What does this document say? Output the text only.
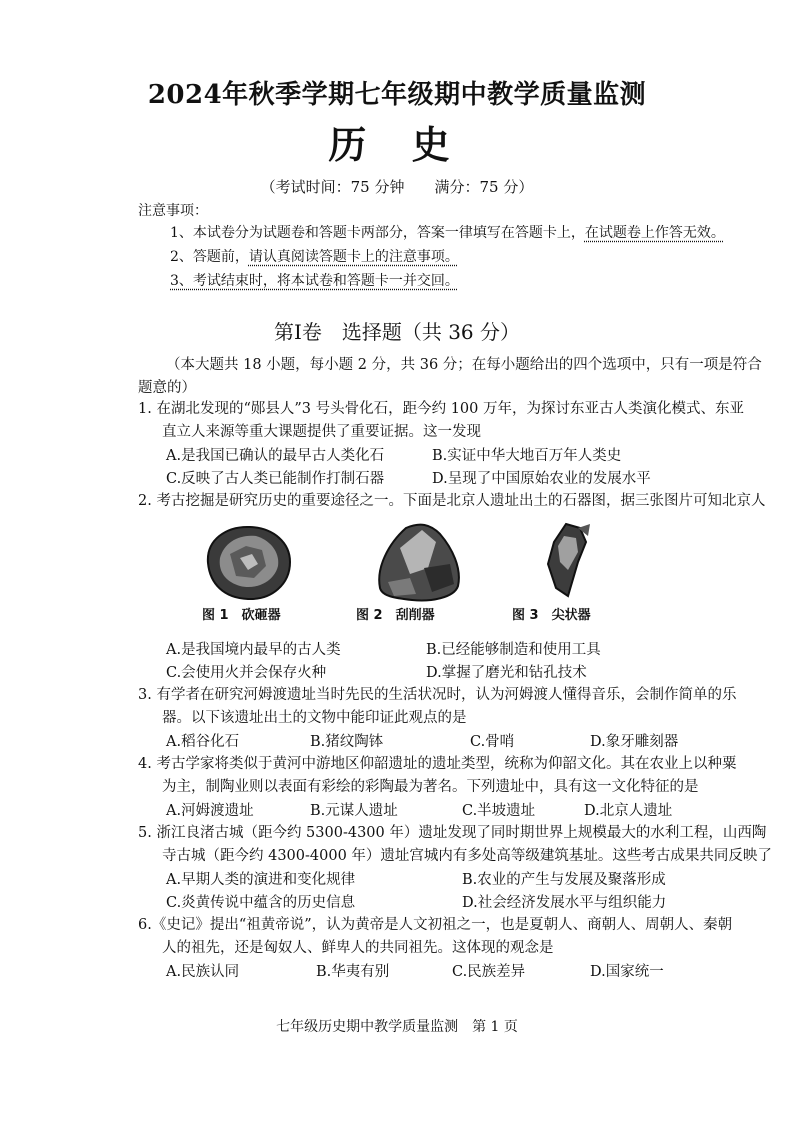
2024年秋季学期七年级期中教学质量监测
历 史
（考试时间：75 分钟　　满分：75 分）
注意事项：
1、本试卷分为试题卷和答题卡两部分，答案一律填写在答题卡上，在试题卷上作答无效。
2、答题前，请认真阅读答题卡上的注意事项。
3、考试结束时，将本试卷和答题卡一并交回。
第Ⅰ卷　选择题（共 36 分）
（本大题共 18 小题，每小题 2 分，共 36 分；在每小题给出的四个选项中，只有一项是符合题意的）
1. 在湖北发现的“郧县人”3 号头骨化石，距今约 100 万年，为探讨东亚古人类演化模式、东亚
直立人来源等重大课题提供了重要证据。这一发现
A.是我国已确认的最早古人类化石	B.实证中华大地百万年人类史
C.反映了古人类已能制作打制石器	D.呈现了中国原始农业的发展水平
2. 考古挖掘是研究历史的重要途径之一。下面是北京人遗址出土的石器图，据三张图片可知北京人
图 1　砍砸器	图 2　刮削器	图 3　尖状器
A.是我国境内最早的古人类	B.已经能够制造和使用工具
C.会使用火并会保存火种	D.掌握了磨光和钻孔技术
3. 有学者在研究河姆渡遗址当时先民的生活状况时，认为河姆渡人懂得音乐，会制作简单的乐
器。以下该遗址出土的文物中能印证此观点的是
A.稻谷化石	B.猪纹陶钵	C.骨哨	D.象牙雕刻器
4. 考古学家将类似于黄河中游地区仰韶遗址的遗址类型，统称为仰韶文化。其在农业上以种粟
为主，制陶业则以表面有彩绘的彩陶最为著名。下列遗址中，具有这一文化特征的是
A.河姆渡遗址	B.元谋人遗址	C.半坡遗址	D.北京人遗址
5. 浙江良渚古城（距今约 5300-4300 年）遗址发现了同时期世界上规模最大的水利工程，山西陶
寺古城（距今约 4300-4000 年）遗址宫城内有多处高等级建筑基址。这些考古成果共同反映了
A.早期人类的演进和变化规律	B.农业的产生与发展及聚落形成
C.炎黄传说中蕴含的历史信息	D.社会经济发展水平与组织能力
6.《史记》提出“祖黄帝说”，认为黄帝是人文初祖之一，也是夏朝人、商朝人、周朝人、秦朝
人的祖先，还是匈奴人、鲜卑人的共同祖先。这体现的观念是
A.民族认同	B.华夷有别	C.民族差异	D.国家统一
七年级历史期中教学质量监测　第 1 页
